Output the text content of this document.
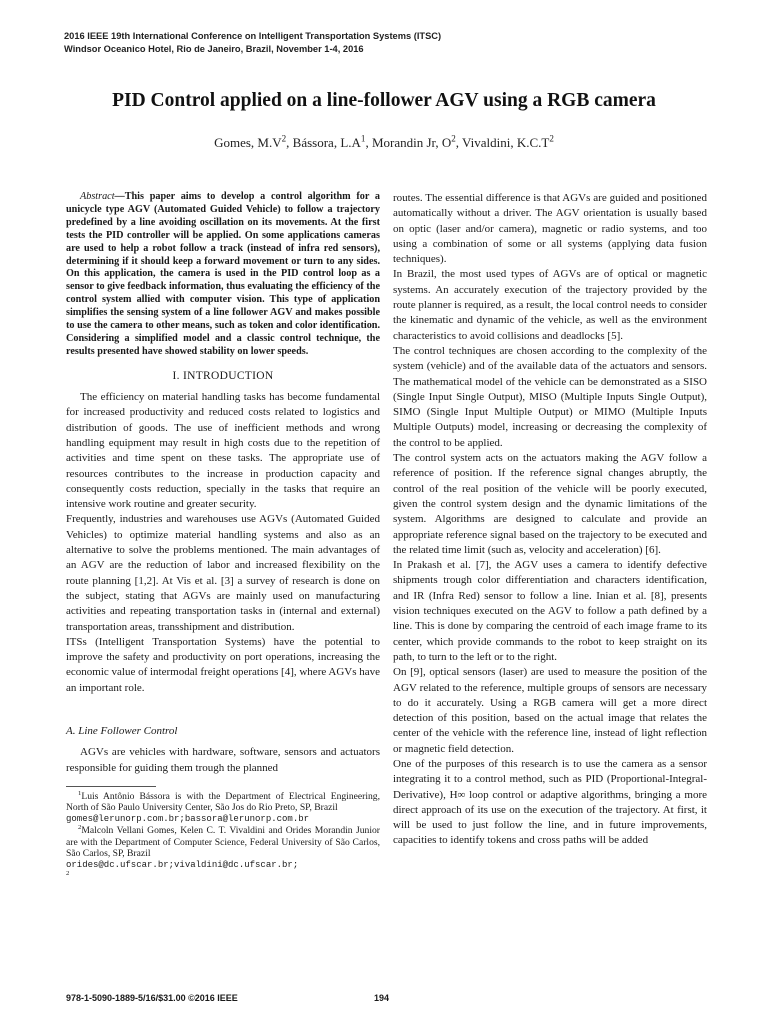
2016 IEEE 19th International Conference on Intelligent Transportation Systems (ITSC)
Windsor Oceanico Hotel, Rio de Janeiro, Brazil, November 1-4, 2016
PID Control applied on a line-follower AGV using a RGB camera
Gomes, $M.V^2$, Bássora, $L.A^1$, Morandin Jr, $O^2$, Vivaldini, $K.C.T^2$

Abstract—This paper aims to develop a control algorithm for a unicycle type AGV (Automated Guided Vehicle) to follow a trajectory predefined by a line avoiding oscillation on its movements. At the first tests the PID controller will be applied. On some applications cameras are used to help a robot follow a track (instead of infra red sensors), determining if it should keep a forward movement or turn to any sides. On this application, the camera is used in the PID control loop as a sensor to give feedback information, thus evaluating the efficiency of the control system allied with computer vision. This type of application simplifies the sensing system of a line follower AGV and makes possible to use the camera to other means, such as token and color identification. Considering a simplified model and a classic control technique, the results presented have showed stability on lower speeds.

I. INTRODUCTION

The efficiency on material handling tasks has become fundamental for increased productivity and reduced costs related to logistics and distribution of goods. The use of inefficient methods and wrong handling equipment may result in high costs due to the repetition of activities and time spent on these tasks. The appropriate use of resources contributes to the increase in production capacity and consequently costs reduction, specially in the tasks that require an intensive work routine and greater security.

Frequently, industries and warehouses use AGVs (Automated Guided Vehicles) to optimize material handling systems and also as an alternative to solve the problems mentioned. The main advantages of an AGV are the reduction of labor and increased flexibility on the route planning [1,2]. At Vis et al. [3] a survey of research is done on the subject, stating that AGVs are mainly used on manufacturing activities and repeating transportation tasks in (internal and external) transportation areas, transshipment and distribution.

ITSs (Intelligent Transportation Systems) have the potential to improve the safety and productivity on port operations, increasing the economic value of intermodal freight operations [4], where AGVs have an important role.

A. Line Follower Control

AGVs are vehicles with hardware, software, sensors and actuators responsible for guiding them trough the planned

$^1$Luis Antônio Bássora is with the Department of Electrical Engineering, North of São Paulo University Center, São Jos do Rio Preto, SP, Brazil
gomes@lerunorp.com.br;bassora@lerunorp.com.br
$^2$Malcoln Vellani Gomes, Kelen C. T. Vivaldini and Orides Morandin Junior are with the Department of Computer Science, Federal University of São Carlos, São Carlos, SP, Brazil
orides@dc.ufscar.br;vivaldini@dc.ufscar.br;
$^2$

routes. The essential difference is that AGVs are guided and positioned automatically without a driver. The AGV orientation is usually based on optic (laser and/or camera), magnetic or radio systems, and too using a combination of some or all systems (applying data fusion techniques).

In Brazil, the most used types of AGVs are of optical or magnetic systems. An accurately execution of the trajectory provided by the route planner is required, as a result, the local control needs to consider the kinematic and dynamic of the vehicle, as well as the environment characteristics to avoid collisions and deadlocks [5].

The control techniques are chosen according to the complexity of the system (vehicle) and of the available data of the actuators and sensors. The mathematical model of the vehicle can be demonstrated as a SISO (Single Input Single Output), MISO (Multiple Inputs Single Output), SIMO (Single Input Multiple Output) or MIMO (Multiple Inputs Multiple Outputs) model, increasing or decreasing the complexity of the control to be applied.

The control system acts on the actuators making the AGV follow a reference of position. If the reference signal changes abruptly, the control of the real position of the vehicle will be poorly executed, given the control system design and the dynamic limitations of the system. Algorithms are designed to calculate and provide an appropriate reference signal based on the trajectory to be executed and the related time limit (such as, velocity and acceleration) [6].

In Prakash et al. [7], the AGV uses a camera to identify defective shipments trough color differentiation and characters identification, and IR (Infra Red) sensor to follow a line. Inian et al. [8], presents vision techniques executed on the AGV to follow a path defined by a line. This is done by comparing the centroid of each image frame to its center, which provide commands to the robot to keep straight on its path, to turn to the left or to the right.

On [9], optical sensors (laser) are used to measure the position of the AGV related to the reference, multiple groups of sensors are necessary to do it accurately. Using a RGB camera will get a more direct detection of this position, based on the actual image that relates the center of the vehicle with the reference line, instead of light reflection or magnetic field detection.

One of the purposes of this research is to use the camera as a sensor integrating it to a control method, such as PID (Proportional-Integral-Derivative), H∞ loop control or adaptive algorithms, bringing a more direct approach of its use on the execution of the trajectory. At first, it will be used to just follow the line, and in future improvements, capacities to identify tokens and cross paths will be added

978-1-5090-1889-5/16/$31.00 ©2016 IEEE	194
